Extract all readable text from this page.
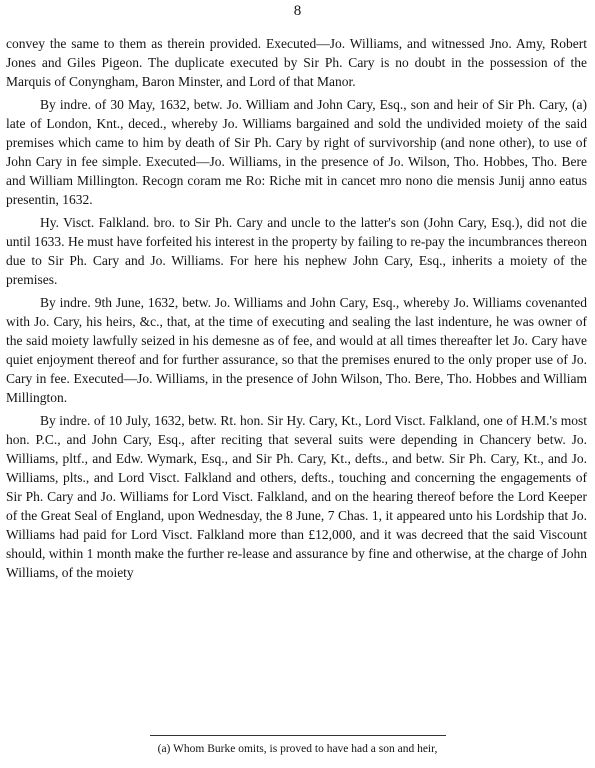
8

convey the same to them as therein provided. Executed—Jo. Williams, and witnessed Jno. Amy, Robert Jones and Giles Pigeon. The duplicate executed by Sir Ph. Cary is no doubt in the possession of the Marquis of Conyngham, Baron Minster, and Lord of that Manor.

By indre. of 30 May, 1632, betw. Jo. William and John Cary, Esq., son and heir of Sir Ph. Cary, (a) late of London, Knt., deced., whereby Jo. Williams bargained and sold the undivided moiety of the said premises which came to him by death of Sir Ph. Cary by right of survivorship (and none other), to use of John Cary in fee simple. Executed—Jo. Williams, in the presence of Jo. Wilson, Tho. Hobbes, Tho. Bere and William Millington. Recogn coram me Ro: Riche mit in cancet mro nono die mensis Junij anno eatus presentin, 1632.

Hy. Visct. Falkland. bro. to Sir Ph. Cary and uncle to the latter's son (John Cary, Esq.), did not die until 1633. He must have forfeited his interest in the property by failing to re-pay the incumbrances thereon due to Sir Ph. Cary and Jo. Williams. For here his nephew John Cary, Esq., inherits a moiety of the premises.

By indre. 9th June, 1632, betw. Jo. Williams and John Cary, Esq., whereby Jo. Williams covenanted with Jo. Cary, his heirs, &c., that, at the time of executing and sealing the last indenture, he was owner of the said moiety lawfully seized in his demesne as of fee, and would at all times thereafter let Jo. Cary have quiet enjoyment thereof and for further assurance, so that the premises enured to the only proper use of Jo. Cary in fee. Executed—Jo. Williams, in the presence of John Wilson, Tho. Bere, Tho. Hobbes and William Millington.

By indre. of 10 July, 1632, betw. Rt. hon. Sir Hy. Cary, Kt., Lord Visct. Falkland, one of H.M.'s most hon. P.C., and John Cary, Esq., after reciting that several suits were depending in Chancery betw. Jo. Williams, pltf., and Edw. Wymark, Esq., and Sir Ph. Cary, Kt., defts., and betw. Sir Ph. Cary, Kt., and Jo. Williams, plts., and Lord Visct. Falkland and others, defts., touching and concerning the engagements of Sir Ph. Cary and Jo. Williams for Lord Visct. Falkland, and on the hearing thereof before the Lord Keeper of the Great Seal of England, upon Wednesday, the 8 June, 7 Chas. 1, it appeared unto his Lordship that Jo. Williams had paid for Lord Visct. Falkland more than £12,000, and it was decreed that the said Viscount should, within 1 month make the further re-lease and assurance by fine and otherwise, at the charge of John Williams, of the moiety

(a) Whom Burke omits, is proved to have had a son and heir,
